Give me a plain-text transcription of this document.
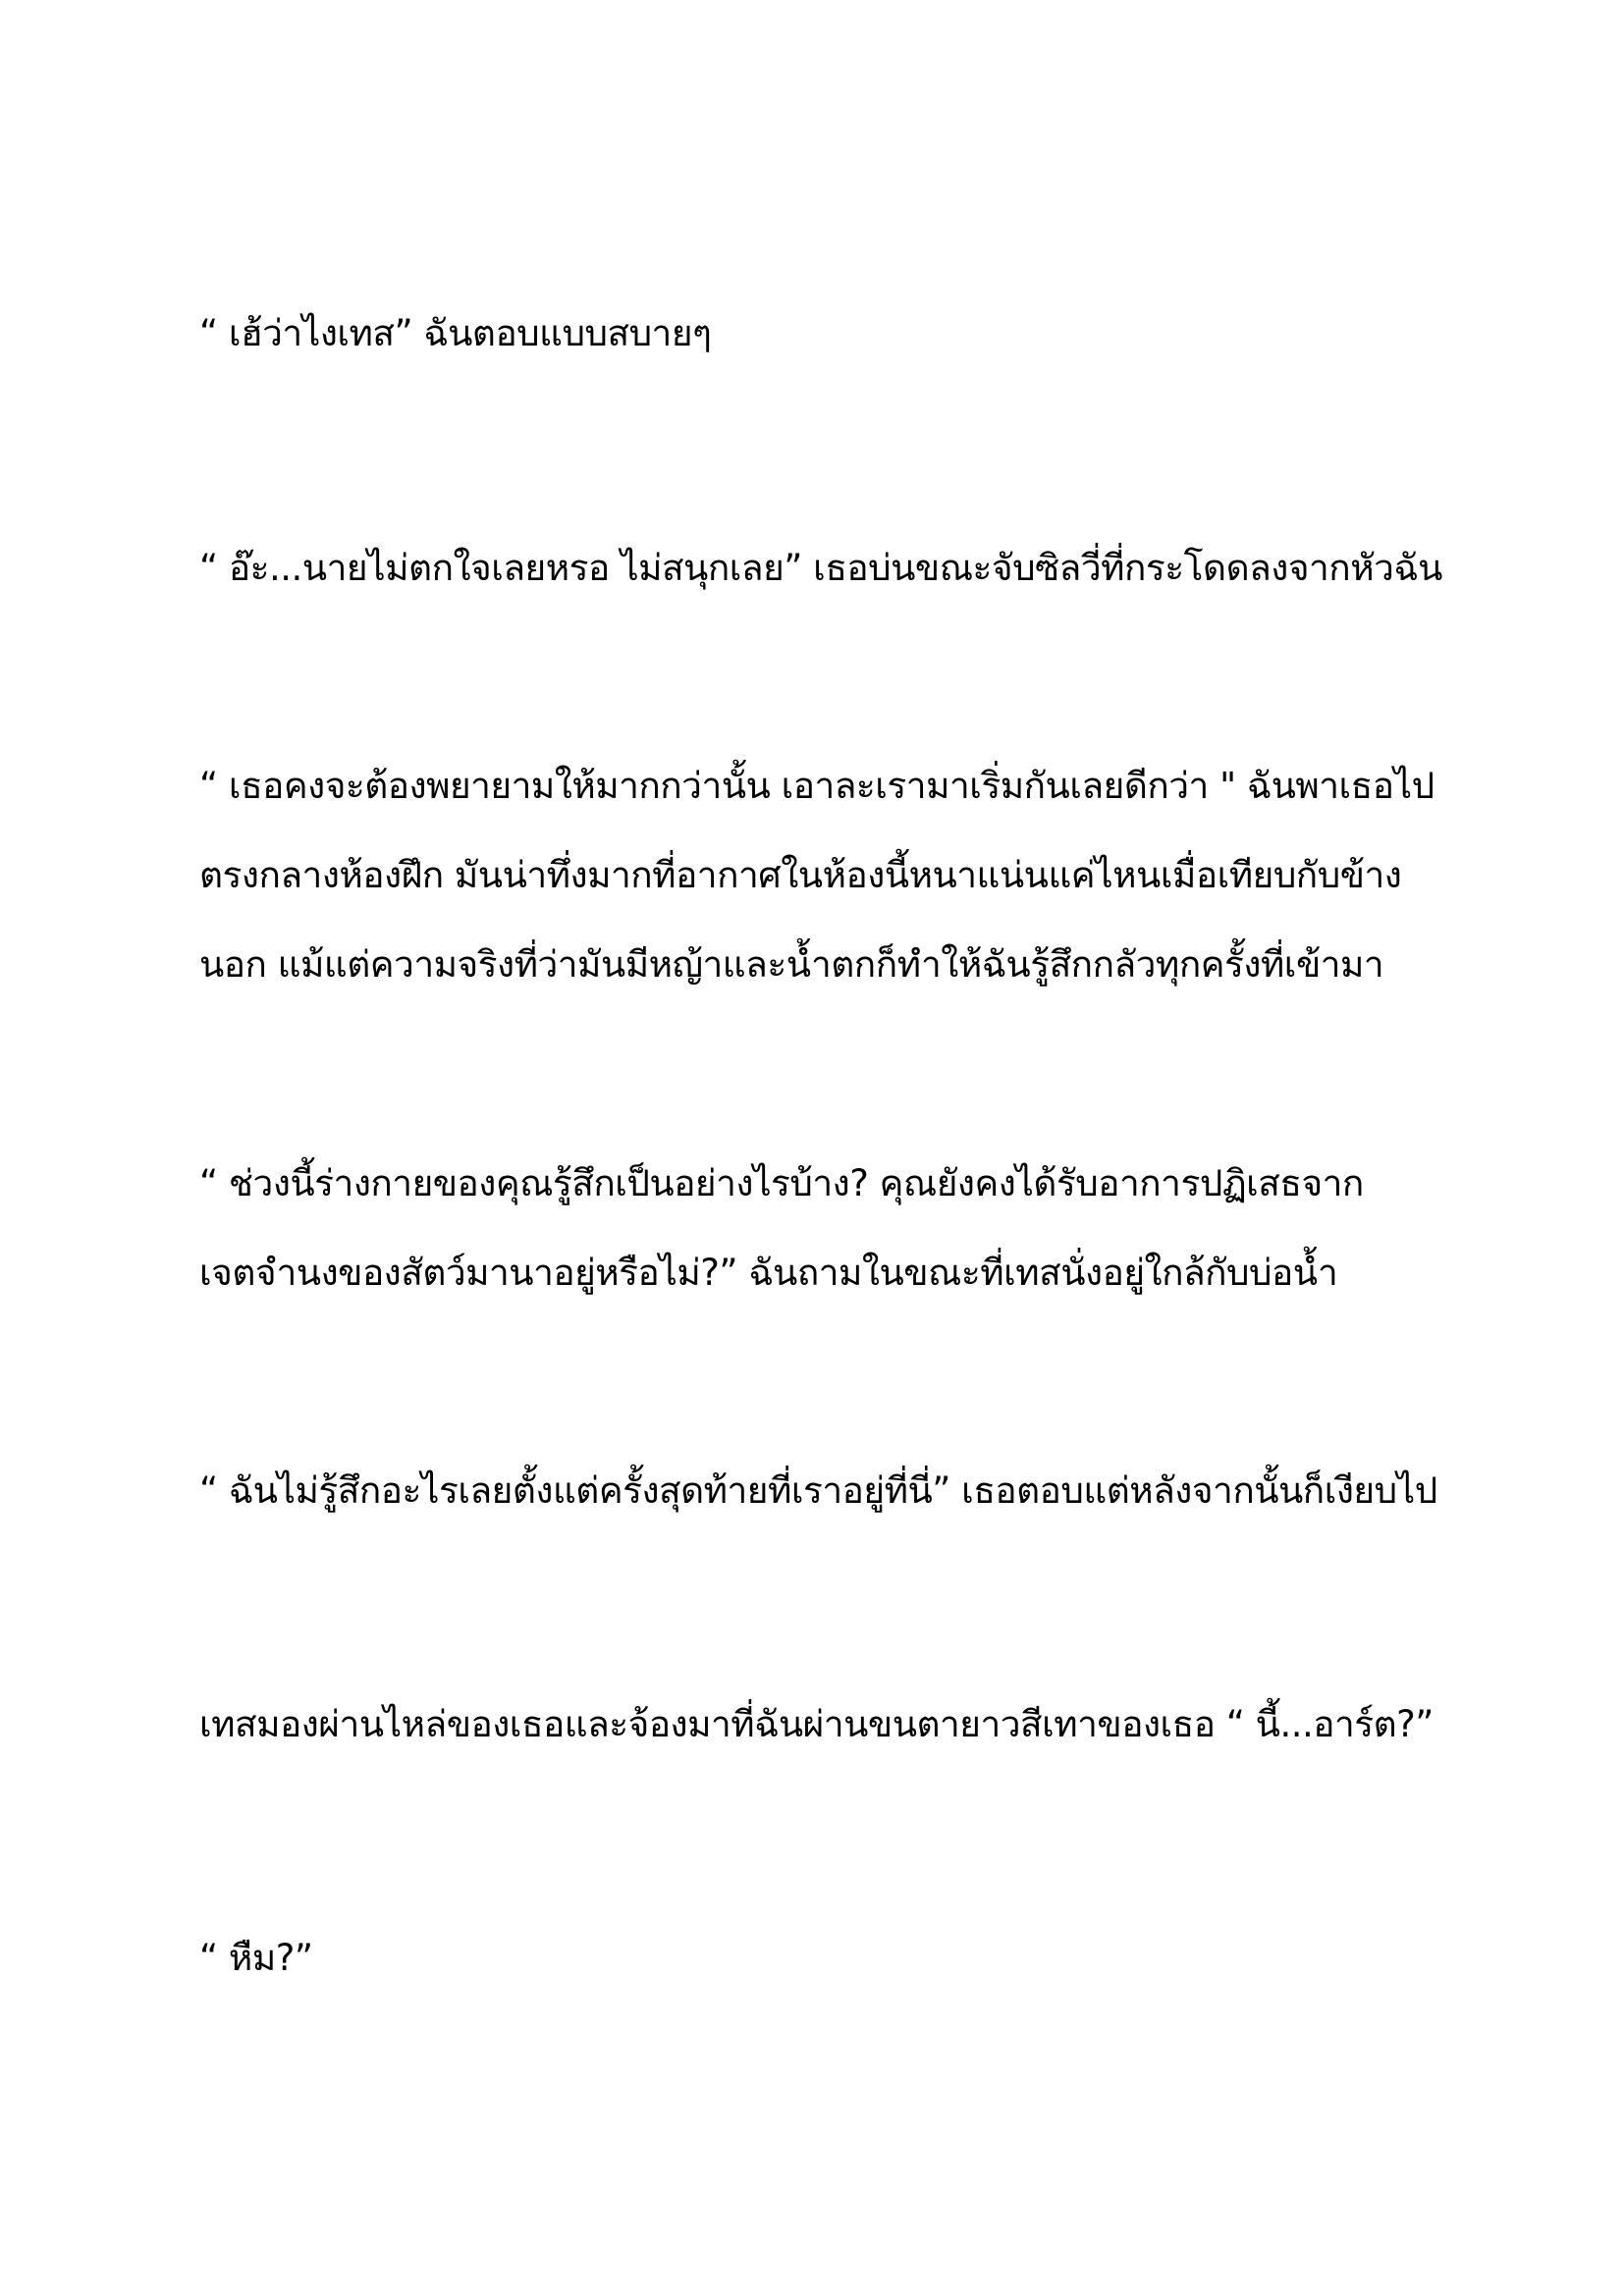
“ เฮ้ว่าไงเทส” ฉันตอบแบบสบายๆ
“ อ๊ะ...นายไม่ตกใจเลยหรอ ไม่สนุกเลย” เธอบ่นขณะจับซิลวี่ที่กระโดดลงจากหัวฉัน
“ เธอคงจะต้องพยายามให้มากกว่านั้น เอาละเรามาเริ่มกันเลยดีกว่า " ฉันพาเธอไป
ตรงกลางห้องฝึก มันน่าทึ่งมากที่อากาศในห้องนี้หนาแน่นแค่ไหนเมื่อเทียบกับข้าง
นอก แม้แต่ความจริงที่ว่ามันมีหญ้าและน้ำตกก็ทำให้ฉันรู้สึกกลัวทุกครั้งที่เข้ามา
“ ช่วงนี้ร่างกายของคุณรู้สึกเป็นอย่างไรบ้าง? คุณยังคงได้รับอาการปฏิเสธจาก
เจตจำนงของสัตว์มานาอยู่หรือไม่?” ฉันถามในขณะที่เทสนั่งอยู่ใกล้กับบ่อน้ำ
“ ฉันไม่รู้สึกอะไรเลยตั้งแต่ครั้งสุดท้ายที่เราอยู่ที่นี่” เธอตอบแต่หลังจากนั้นก็เงียบไป
เทสมองผ่านไหล่ของเธอและจ้องมาที่ฉันผ่านขนตายาวสีเทาของเธอ “ นี้...อาร์ต?”
“ หืม?”
